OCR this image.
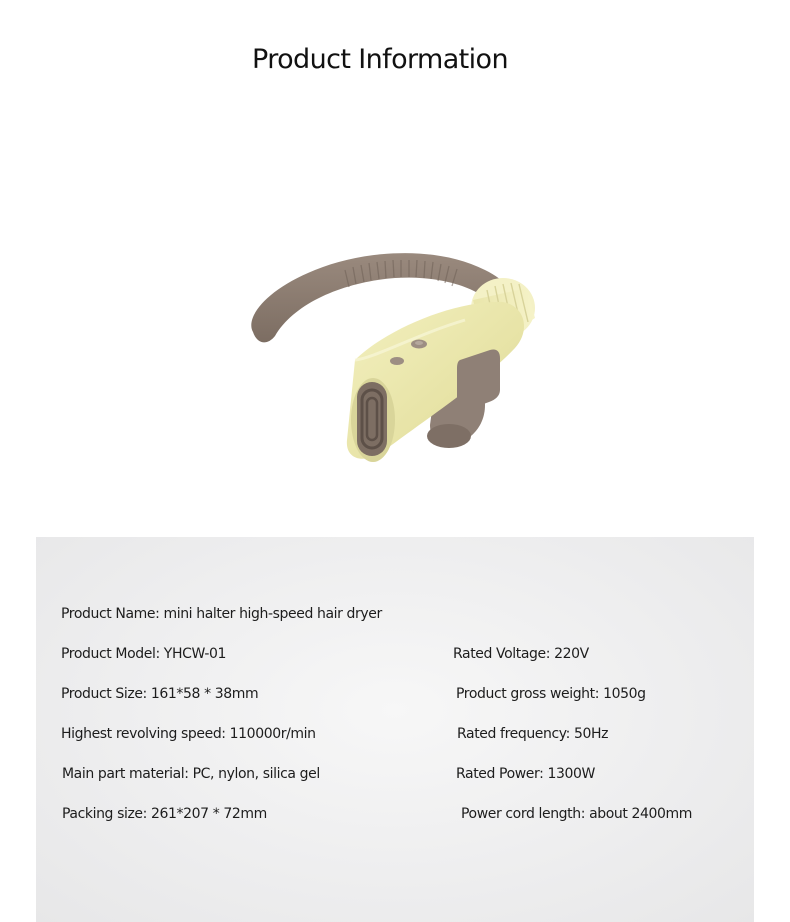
Product Information
Product Name: mini halter high-speed hair dryer
Product Model: YHCW-01
Product Size: 161*58 * 38mm
Highest revolving speed: 110000r/min
Main part material: PC, nylon, silica gel
Packing size: 261*207 * 72mm
Rated Voltage: 220V
Product gross weight: 1050g
Rated frequency: 50Hz
Rated Power: 1300W
Power cord length: about 2400mm
